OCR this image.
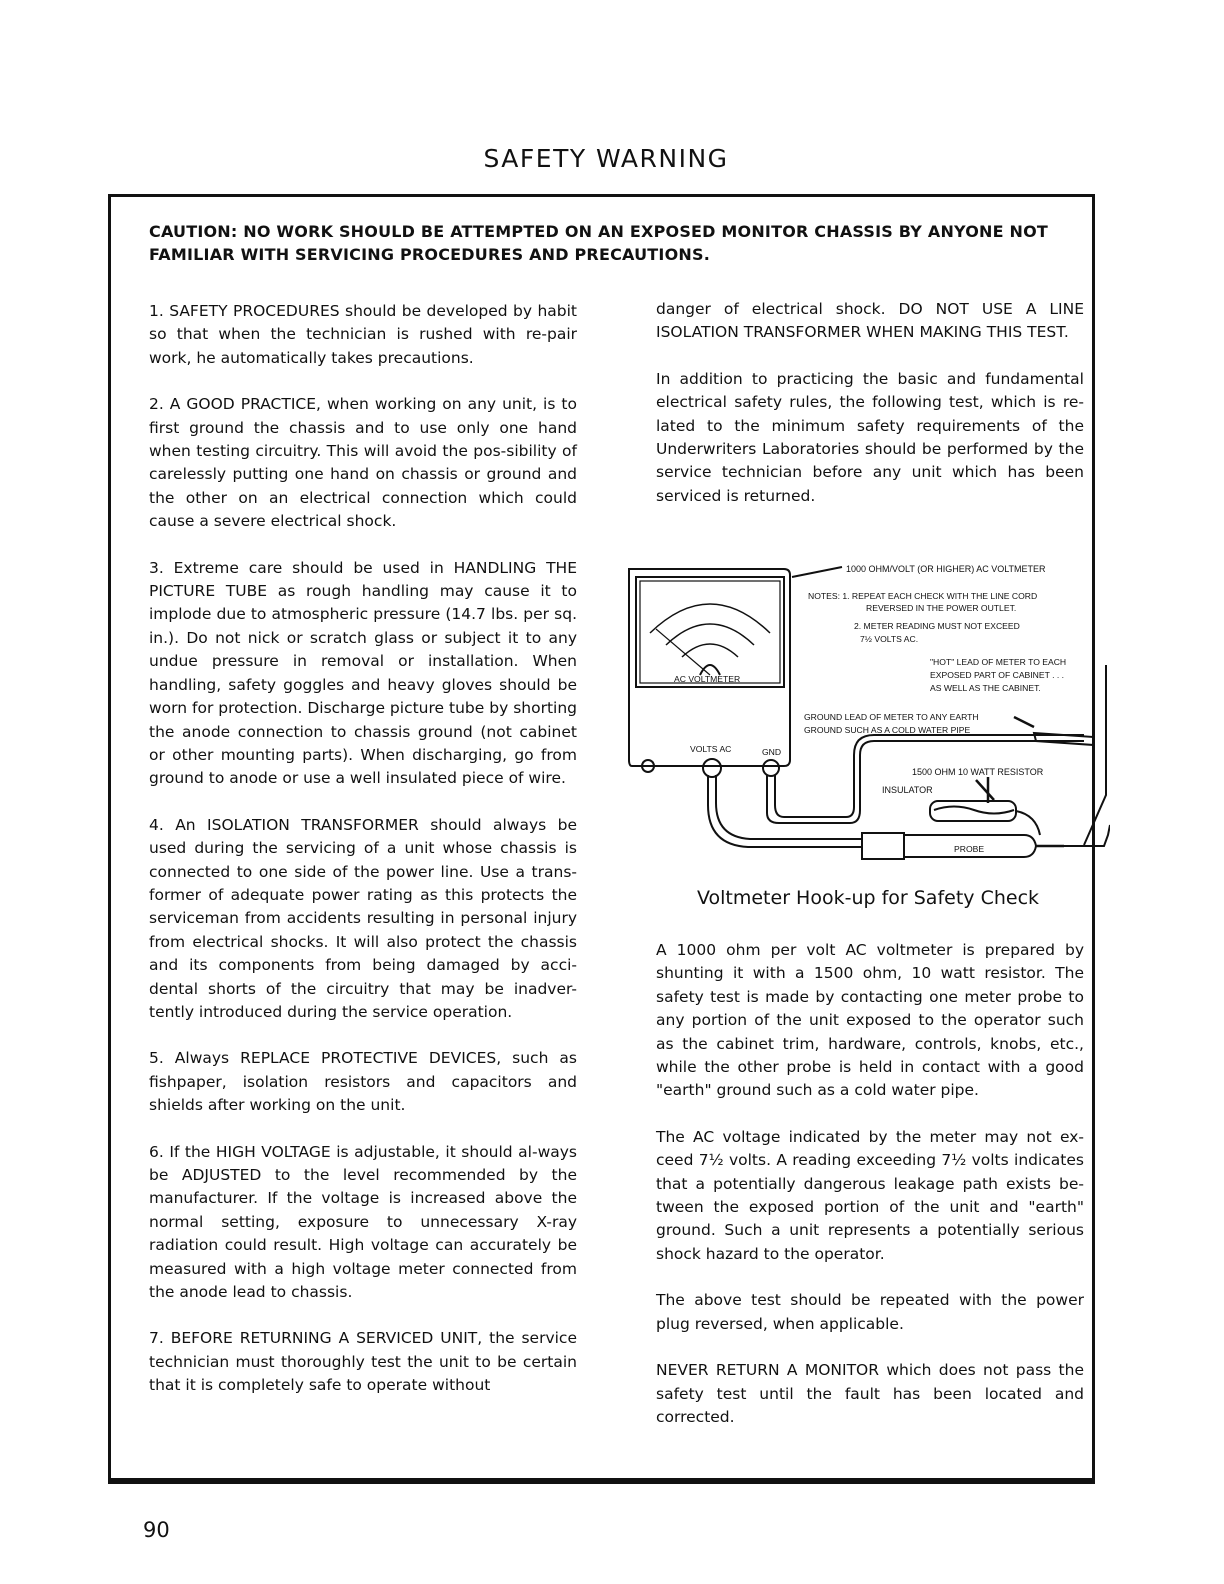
SAFETY WARNING
CAUTION: NO WORK SHOULD BE ATTEMPTED ON AN EXPOSED MONITOR CHASSIS BY ANYONE NOT FAMILIAR WITH SERVICING PROCEDURES AND PRECAUTIONS.

1. SAFETY PROCEDURES should be developed by habit so that when the technician is rushed with re-pair work, he automatically takes precautions.

2. A GOOD PRACTICE, when working on any unit, is to first ground the chassis and to use only one hand when testing circuitry. This will avoid the pos-sibility of carelessly putting one hand on chassis or ground and the other on an electrical connection which could cause a severe electrical shock.

3. Extreme care should be used in HANDLING THE PICTURE TUBE as rough handling may cause it to implode due to atmospheric pressure (14.7 lbs. per sq. in.). Do not nick or scratch glass or subject it to any undue pressure in removal or installation. When handling, safety goggles and heavy gloves should be worn for protection. Discharge picture tube by shorting the anode connection to chassis ground (not cabinet or other mounting parts). When discharging, go from ground to anode or use a well insulated piece of wire.

4. An ISOLATION TRANSFORMER should always be used during the servicing of a unit whose chassis is connected to one side of the power line. Use a trans-former of adequate power rating as this protects the serviceman from accidents resulting in personal injury from electrical shocks. It will also protect the chassis and its components from being damaged by acci-dental shorts of the circuitry that may be inadver-tently introduced during the service operation.

5. Always REPLACE PROTECTIVE DEVICES, such as fishpaper, isolation resistors and capacitors and shields after working on the unit.

6. If the HIGH VOLTAGE is adjustable, it should al-ways be ADJUSTED to the level recommended by the manufacturer. If the voltage is increased above the normal setting, exposure to unnecessary X-ray radiation could result. High voltage can accurately be measured with a high voltage meter connected from the anode lead to chassis.

7. BEFORE RETURNING A SERVICED UNIT, the service technician must thoroughly test the unit to be certain that it is completely safe to operate without

danger of electrical shock. DO NOT USE A LINE ISOLATION TRANSFORMER WHEN MAKING THIS TEST.

In addition to practicing the basic and fundamental electrical safety rules, the following test, which is re-lated to the minimum safety requirements of the Underwriters Laboratories should be performed by the service technician before any unit which has been serviced is returned.

1000 OHM/VOLT (OR HIGHER) AC VOLTMETER
NOTES: 1. REPEAT EACH CHECK WITH THE LINE CORD
REVERSED IN THE POWER OUTLET.
2. METER READING MUST NOT EXCEED
7½ VOLTS AC.
"HOT" LEAD OF METER TO EACH
EXPOSED PART OF CABINET . . .
AS WELL AS THE CABINET.
GROUND LEAD OF METER TO ANY EARTH
GROUND SUCH AS A COLD WATER PIPE
AC VOLTMETER
VOLTS AC	GND
1500 OHM 10 WATT RESISTOR
INSULATOR
PROBE
Voltmeter Hook-up for Safety Check

A 1000 ohm per volt AC voltmeter is prepared by shunting it with a 1500 ohm, 10 watt resistor. The safety test is made by contacting one meter probe to any portion of the unit exposed to the operator such as the cabinet trim, hardware, controls, knobs, etc., while the other probe is held in contact with a good "earth" ground such as a cold water pipe.

The AC voltage indicated by the meter may not ex-ceed 7½ volts. A reading exceeding 7½ volts indicates that a potentially dangerous leakage path exists be-tween the exposed portion of the unit and "earth" ground. Such a unit represents a potentially serious shock hazard to the operator.

The above test should be repeated with the power plug reversed, when applicable.

NEVER RETURN A MONITOR which does not pass the safety test until the fault has been located and corrected.

90
